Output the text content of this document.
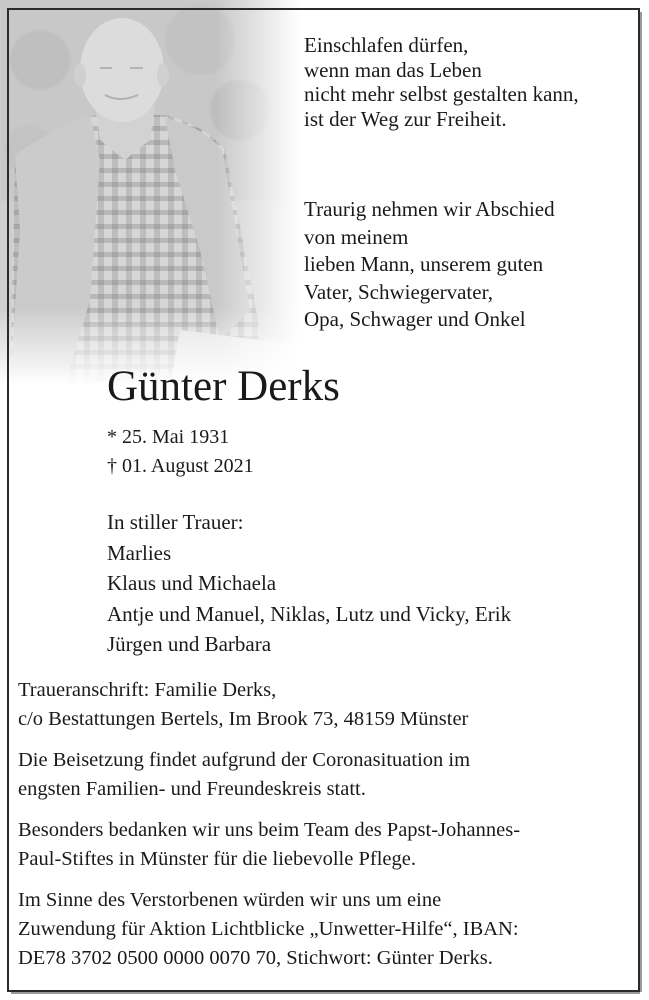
Einschlafen dürfen,
wenn man das Leben
nicht mehr selbst gestalten kann,
ist der Weg zur Freiheit.
Traurig nehmen wir Abschied
von meinem
lieben Mann, unserem guten
Vater, Schwiegervater,
Opa, Schwager und Onkel
Günter Derks
* 25. Mai 1931
† 01. August 2021
In stiller Trauer:
Marlies
Klaus und Michaela
Antje und Manuel, Niklas, Lutz und Vicky, Erik
Jürgen und Barbara
Traueranschrift: Familie Derks,
c/o Bestattungen Bertels, Im Brook 73, 48159 Münster
Die Beisetzung findet aufgrund der Coronasituation im
engsten Familien- und Freundeskreis statt.
Besonders bedanken wir uns beim Team des Papst-Johannes-
Paul-Stiftes in Münster für die liebevolle Pflege.
Im Sinne des Verstorbenen würden wir uns um eine
Zuwendung für Aktion Lichtblicke „Unwetter-Hilfe“, IBAN:
DE78 3702 0500 0000 0070 70, Stichwort: Günter Derks.
